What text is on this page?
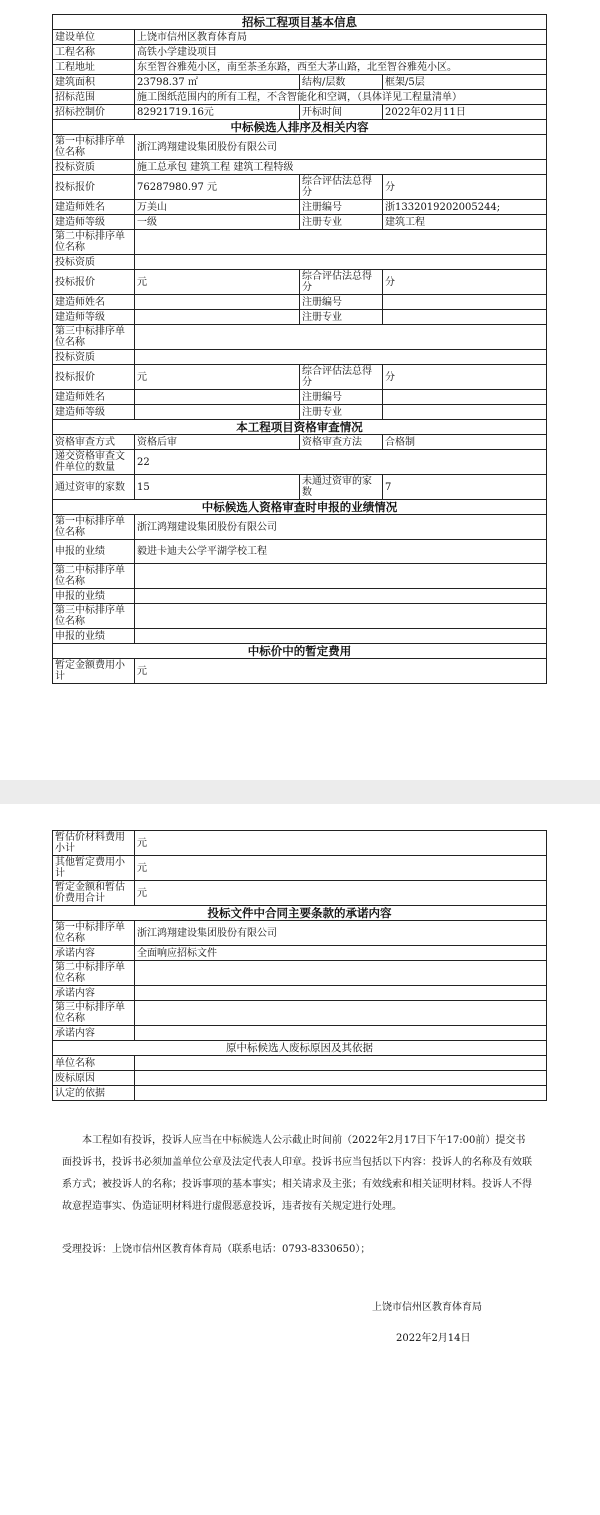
招标工程项目基本信息			
建设单位	上饶市信州区教育体育局		
工程名称	高铁小学建设项目		
工程地址	东至智谷雅苑小区，南至茶圣东路，西至大茅山路，北至智谷雅苑小区。		
建筑面积	23798.37 ㎡	结构/层数	框架/5层
招标范围	施工图纸范围内的所有工程，不含智能化和空调，（具体详见工程量清单）		
招标控制价	82921719.16元	开标时间	2022年02月11日
中标候选人排序及相关内容			
第一中标排序单位名称	浙江鸿翔建设集团股份有限公司		
投标资质	施工总承包 建筑工程 建筑工程特级		
投标报价	76287980.97 元	综合评估法总得分	分
建造师姓名	万美山	注册编号	浙1332019202005244;
建造师等级	一级	注册专业	建筑工程
第二中标排序单位名称			
投标资质			
投标报价	元	综合评估法总得分	分
建造师姓名		注册编号	
建造师等级		注册专业	
第三中标排序单位名称			
投标资质			
投标报价	元	综合评估法总得分	分
建造师姓名		注册编号	
建造师等级		注册专业	
本工程项目资格审查情况			
资格审查方式	资格后审	资格审查方法	合格制
递交资格审查文件单位的数量	22		
通过资审的家数	15	未通过资审的家数	7
中标候选人资格审查时申报的业绩情况			
第一中标排序单位名称	浙江鸿翔建设集团股份有限公司		
申报的业绩	毅进卡迪夫公学平湖学校工程		
第二中标排序单位名称			
申报的业绩			
第三中标排序单位名称			
申报的业绩			
中标价中的暂定费用			
暂定金额费用小计	元		
暂估价材料费用小计	元
其他暂定费用小计	元
暂定金额和暂估价费用合计	元
投标文件中合同主要条款的承诺内容	
第一中标排序单位名称	浙江鸿翔建设集团股份有限公司
承诺内容	全面响应招标文件
第二中标排序单位名称	
承诺内容	
第三中标排序单位名称	
承诺内容	
原中标候选人废标原因及其依据	
单位名称	
废标原因	
认定的依据	

本工程如有投诉，投诉人应当在中标候选人公示截止时间前（2022年2月17日下午17:00前）提交书面投诉书，投诉书必须加盖单位公章及法定代表人印章。投诉书应当包括以下内容：投诉人的名称及有效联系方式；被投诉人的名称；投诉事项的基本事实；相关请求及主张；有效线索和相关证明材料。投诉人不得故意捏造事实、伪造证明材料进行虚假恶意投诉，违者按有关规定进行处理。

受理投诉：上饶市信州区教育体育局（联系电话：0793-8330650）；
上饶市信州区教育体育局
2022年2月14日
